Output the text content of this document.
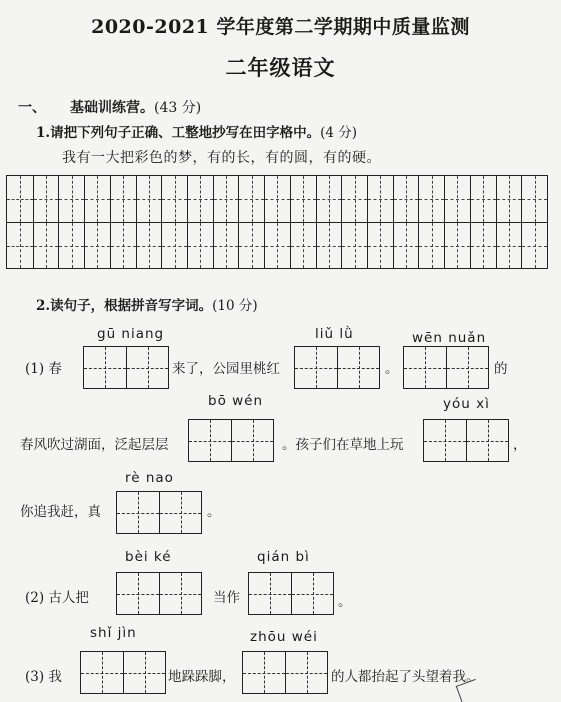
2020-2021 学年度第二学期期中质量监测
二年级语文
一、 基础训练营。(43 分)
1.请把下列句子正确、工整地抄写在田字格中。(4 分)
我有一大把彩色的梦，有的长，有的圆，有的硬。
2.读句子，根据拼音写字词。(10 分)
gū niang	liǔ lǜ	wēn nuǎn
(1) 春	来了，公园里桃红	。	的
bō wén	yóu xì
春风吹过湖面，泛起层层	。孩子们在草地上玩	，
rè nao
你追我赶，真	。
bèi ké	qián bì
(2) 古人把	当作	。
shǐ jìn	zhōu wéi
(3) 我	地跺跺脚，	的人都抬起了头望着我。
